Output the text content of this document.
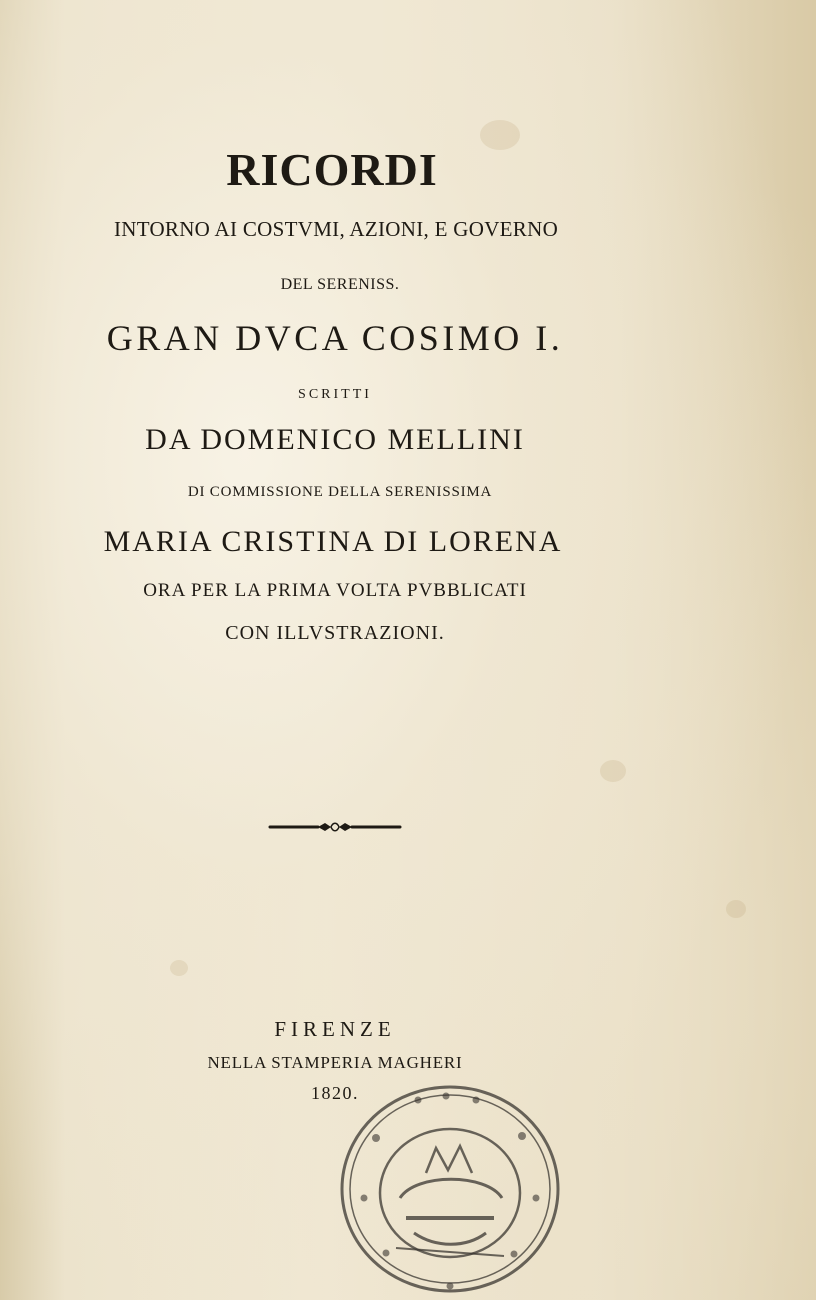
RICORDI
INTORNO AI COSTVMI, AZIONI, E GOVERNO
DEL SERENISS.
GRAN DVCA COSIMO I.
SCRITTI
DA DOMENICO MELLINI
DI COMMISSIONE DELLA SERENISSIMA
MARIA CRISTINA DI LORENA
ORA PER LA PRIMA VOLTA PVBBLICATI
CON ILLVSTRAZIONI.
FIRENZE
NELLA STAMPERIA MAGHERI
1820.
